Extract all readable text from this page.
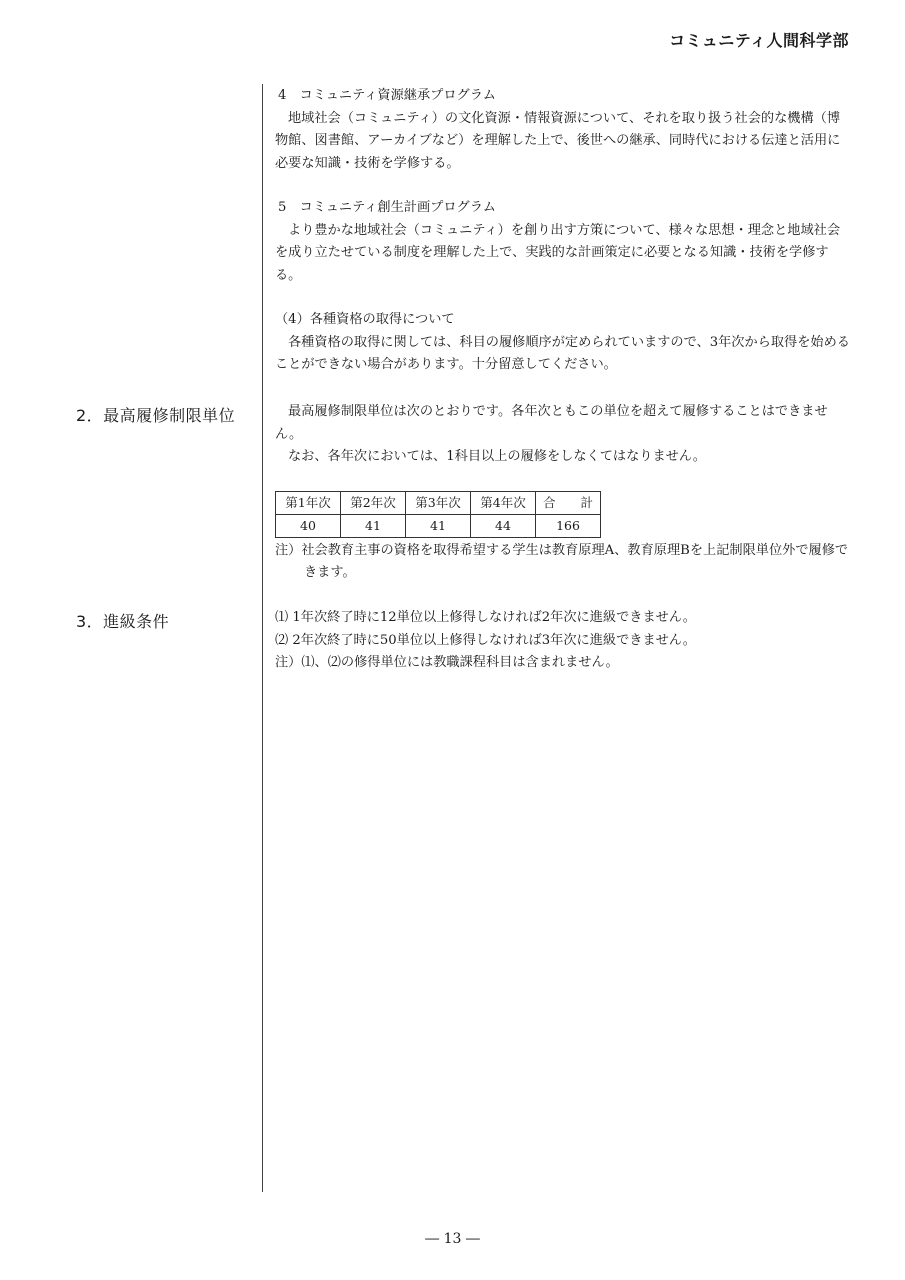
コミュニティ人間科学部

4　コミュニティ資源継承プログラム

地域社会（コミュニティ）の文化資源・情報資源について、それを取り扱う社会的な機構（博物館、図書館、アーカイブなど）を理解した上で、後世への継承、同時代における伝達と活用に必要な知識・技術を学修する。

5　コミュニティ創生計画プログラム

より豊かな地域社会（コミュニティ）を創り出す方策について、様々な思想・理念と地域社会を成り立たせている制度を理解した上で、実践的な計画策定に必要となる知識・技術を学修する。

（4）各種資格の取得について

各種資格の取得に関しては、科目の履修順序が定められていますので、3年次から取得を始めることができない場合があります。十分留意してください。

2．最高履修制限単位	最高履修制限単位は次のとおりです。各年次ともこの単位を超えて履修することはできません。

なお、各年次においては、1科目以上の履修をしなくてはなりません。

第1年次	第2年次	第3年次	第4年次	合　　計
40	41	41	44	166

注）社会教育主事の資格を取得希望する学生は教育原理A、教育原理Bを上記制限単位外で履修できます。

3．進級条件	⑴ 1年次終了時に12単位以上修得しなければ2年次に進級できません。

⑵ 2年次終了時に50単位以上修得しなければ3年次に進級できません。

注）⑴、⑵の修得単位には教職課程科目は含まれません。

― 13 ―
